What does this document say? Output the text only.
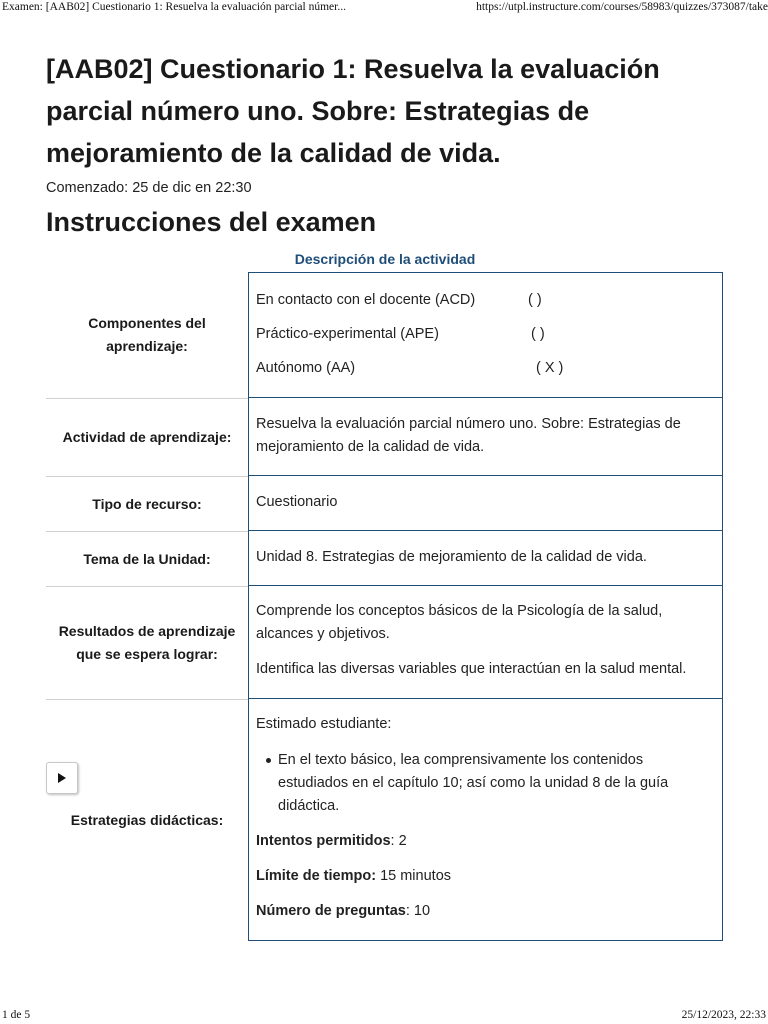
Examen: [AAB02] Cuestionario 1: Resuelva la evaluación parcial númer...	https://utpl.instructure.com/courses/58983/quizzes/373087/take
[AAB02] Cuestionario 1: Resuelva la evaluación parcial número uno. Sobre: Estrategias de mejoramiento de la calidad de vida.
Comenzado: 25 de dic en 22:30
Instrucciones del examen
Descripción de la actividad
Componentes del aprendizaje:
En contacto con el docente (ACD)	( )
Práctico-experimental (APE)	( )
Autónomo (AA)	( X )
Actividad de aprendizaje:

Resuelva la evaluación parcial número uno. Sobre: Estrategias de mejoramiento de la calidad de vida.

Tipo de recurso:	Cuestionario

Tema de la Unidad:	Unidad 8. Estrategias de mejoramiento de la calidad de vida.

Resultados de aprendizaje que se espera lograr:

Comprende los conceptos básicos de la Psicología de la salud, alcances y objetivos.

Identifica las diversas variables que interactúan en la salud mental.

Estrategias didácticas:

Estimado estudiante:

En el texto básico, lea comprensivamente los contenidos estudiados en el capítulo 10; así como la unidad 8 de la guía didáctica.

Intentos permitidos: 2

Límite de tiempo: 15 minutos

Número de preguntas: 10

1 de 5	25/12/2023, 22:33
